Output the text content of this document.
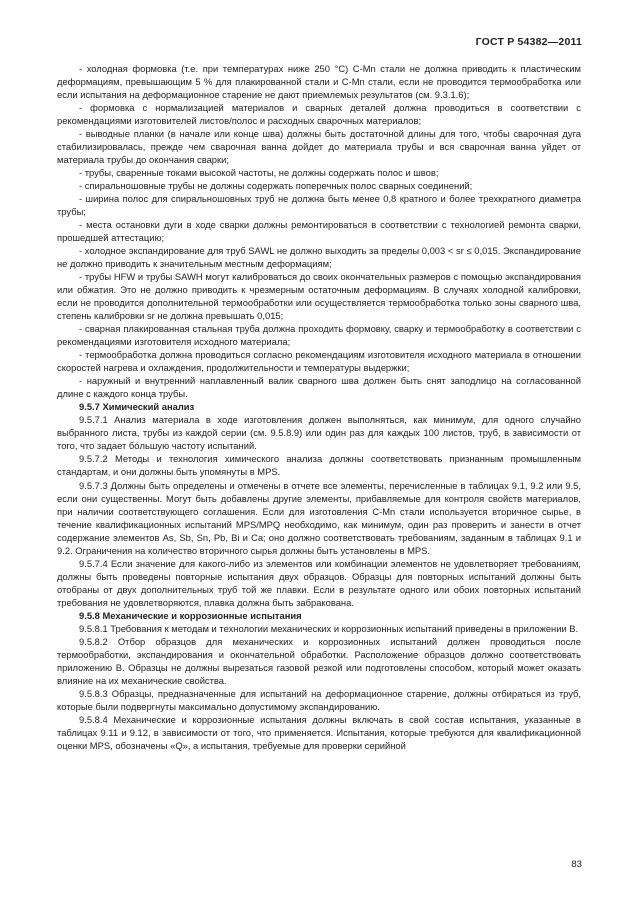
ГОСТ Р 54382—2011

- холодная формовка (т.е. при температурах ниже 250 °С) С-Мn стали не должна приводить к пластическим деформациям, превышающим 5 % для плакированной стали и С-Mn стали, если не проводится термообработка или если испытания на деформационное старение не дают приемлемых результатов (см. 9.3.1.6);

- формовка с нормализацией материалов и сварных деталей должна проводиться в соответствии с рекомендациями изготовителей листов/полос и расходных сварочных материалов;

- выводные планки (в начале или конце шва) должны быть достаточной длины для того, чтобы сварочная дуга стабилизировалась, прежде чем сварочная ванна дойдет до материала трубы и вся сварочная ванна уйдет от материала трубы до окончания сварки;

- трубы, сваренные токами высокой частоты, не должны содержать полос и швов;

- спиральношовные трубы не должны содержать поперечных полос сварных соединений;

- ширина полос для спиральношовных труб не должна быть менее 0,8 кратного и более трехкратного диаметра трубы;

- места остановки дуги в ходе сварки должны ремонтироваться в соответствии с технологией ремонта сварки, прошедшей аттестацию;

- холодное экспандирование для труб SAWL не должно выходить за пределы 0,003 < sr ≤ 0,015. Экспандирование не должно приводить к значительным местным деформациям;

- трубы HFW и трубы SAWH могут калиброваться до своих окончательных размеров с помощью экспандирования или обжатия. Это не должно приводить к чрезмерным остаточным деформациям. В случаях холодной калибровки, если не проводится дополнительной термообработки или осуществляется термообработка только зоны сварного шва, степень калибровки sr не должна превышать 0,015;

- сварная плакированная стальная труба должна проходить формовку, сварку и термообработку в соответствии с рекомендациями изготовителя исходного материала;

- термообработка должна проводиться согласно рекомендациям изготовителя исходного материала в отношении скоростей нагрева и охлаждения, продолжительности и температуры выдержки;

- наружный и внутренний наплавленный валик сварного шва должен быть снят заподлицо на согласованной длине с каждого конца трубы.

9.5.7 Химический анализ

9.5.7.1 Анализ материала в ходе изготовления должен выполняться, как минимум, для одного случайно выбранного листа, трубы из каждой серии (см. 9.5.8.9) или один раз для каждых 100 листов, труб, в зависимости от того, что задает бóльшую частоту испытаний.

9.5.7.2 Методы и технология химического анализа должны соответствовать признанным промышленным стандартам, и они должны быть упомянуты в MPS.

9.5.7.3 Должны быть определены и отмечены в отчете все элементы, перечисленные в таблицах 9.1, 9.2 или 9.5, если они существенны. Могут быть добавлены другие элементы, прибавляемые для контроля свойств материалов, при наличии соответствующего соглашения. Если для изготовления С-Mn стали используется вторичное сырье, в течение квалификационных испытаний MPS/MPQ необходимо, как минимум, один раз проверить и занести в отчет содержание элементов As, Sb, Sn, Pb, Bi и Ca; оно должно соответствовать требованиям, заданным в таблицах 9.1 и 9.2. Ограничения на количество вторичного сырья должны быть установлены в MPS.

9.5.7.4 Если значение для какого-либо из элементов или комбинации элементов не удовлетворяет требованиям, должны быть проведены повторные испытания двух образцов. Образцы для повторных испытаний должны быть отобраны от двух дополнительных труб той же плавки. Если в результате одного или обоих повторных испытаний требования не удовлетворяются, плавка должна быть забракована.

9.5.8 Механические и коррозионные испытания

9.5.8.1 Требования к методам и технологии механических и коррозионных испытаний приведены в приложении B.

9.5.8.2 Отбор образцов для механических и коррозионных испытаний должен проводиться после термообработки, экспандирования и окончательной обработки. Расположение образцов должно соответствовать приложению B. Образцы не должны вырезаться газовой резкой или подготовлены способом, который может оказать влияние на их механические свойства.

9.5.8.3 Образцы, предназначенные для испытаний на деформационное старение, должны отбираться из труб, которые были подвергнуты максимально допустимому экспандированию.

9.5.8.4 Механические и коррозионные испытания должны включать в свой состав испытания, указанные в таблицах 9.11 и 9.12, в зависимости от того, что применяется. Испытания, которые требуются для квалификационной оценки MPS, обозначены «Q», а испытания, требуемые для проверки серийной

83
